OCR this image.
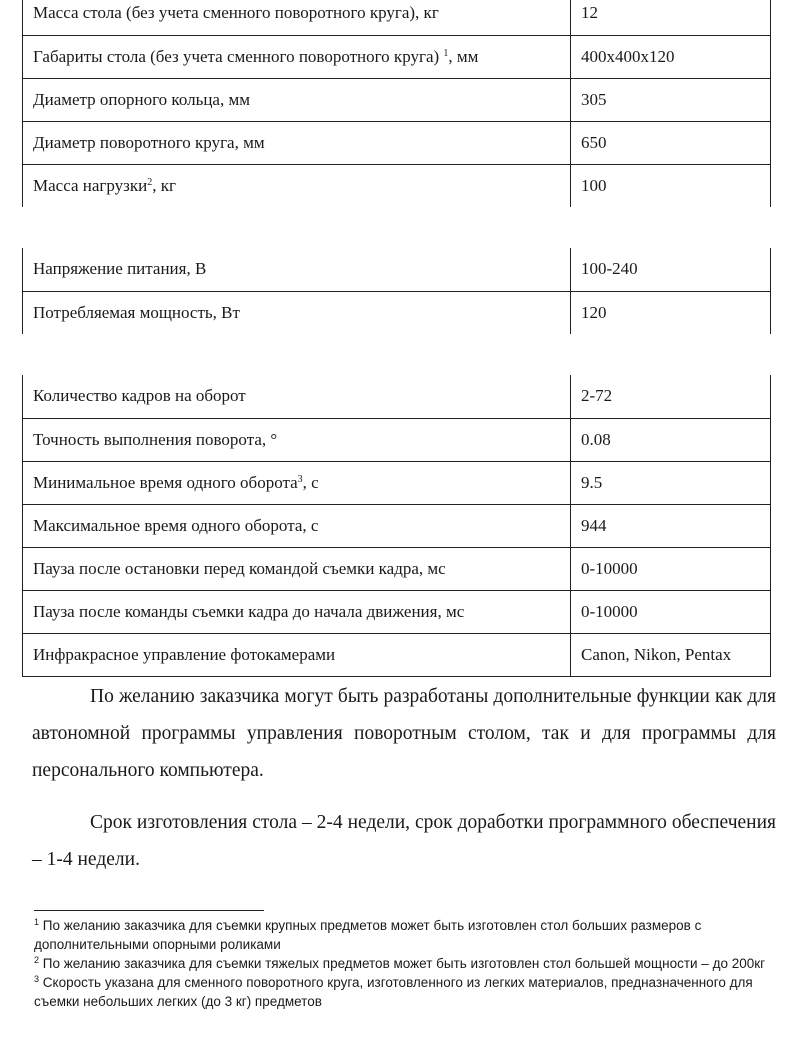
Масса стола (без учета сменного поворотного круга), кг	12
Габариты стола (без учета сменного поворотного круга) $^1$, мм	400x400x120
Диаметр опорного кольца, мм	305
Диаметр поворотного круга, мм	650
Масса нагрузки$^2$, кг	100
Напряжение питания, В	100-240
Потребляемая мощность, Вт	120
Количество кадров на оборот	2-72
Точность выполнения поворота, °	0.08
Минимальное время одного оборота$^3$, с	9.5
Максимальное время одного оборота, с	944
Пауза после остановки перед командой съемки кадра, мс	0-10000
Пауза после команды съемки кадра до начала движения, мс	0-10000
Инфракрасное управление фотокамерами	Canon, Nikon, Pentax

По желанию заказчика могут быть разработаны дополнительные функции как для автономной программы управления поворотным столом, так и для программы для персонального компьютера.

Срок изготовления стола – 2-4 недели, срок доработки программного обеспечения – 1-4 недели.

$^1$ По желанию заказчика для съемки крупных предметов может быть изготовлен стол больших размеров с дополнительными опорными роликами

$^2$ По желанию заказчика для съемки тяжелых предметов может быть изготовлен стол большей мощности – до 200кг

$^3$ Скорость указана для сменного поворотного круга, изготовленного из легких материалов, предназначенного для съемки небольших легких (до 3 кг) предметов
